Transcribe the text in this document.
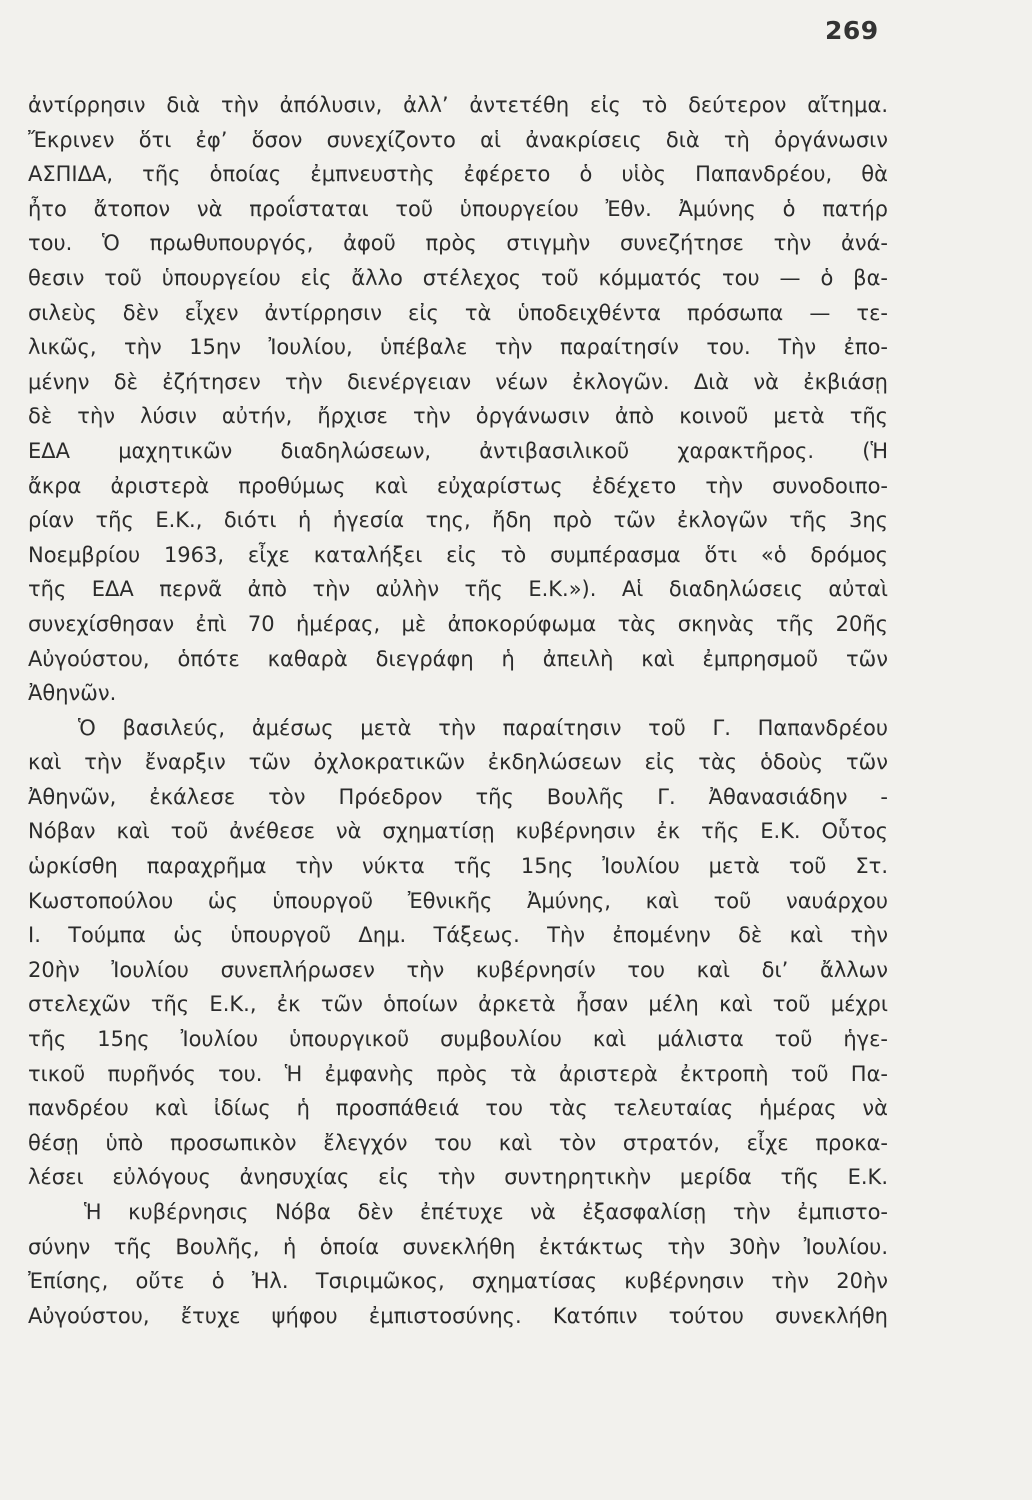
269
ἀντίρρησιν διὰ τὴν ἀπόλυσιν, ἀλλ’ ἀντετέθη εἰς τὸ δεύτερον αἴτημα.
Ἔκρινεν ὅτι ἐφ’ ὅσον συνεχίζοντο αἱ ἀνακρίσεις διὰ τὴ ὀργάνωσιν
ΑΣΠΙΔΑ, τῆς ὁποίας ἐμπνευστὴς ἐφέρετο ὁ υἱὸς Παπανδρέου, θὰ
ἦτο ἄτοπον νὰ προΐσταται τοῦ ὑπουργείου Ἐθν. Ἀμύνης ὁ πατήρ
του. Ὁ πρωθυπουργός, ἀφοῦ πρὸς στιγμὴν συνεζήτησε τὴν ἀνά-
θεσιν τοῦ ὑπουργείου εἰς ἄλλο στέλεχος τοῦ κόμματός του — ὁ βα-
σιλεὺς δὲν εἶχεν ἀντίρρησιν εἰς τὰ ὑποδειχθέντα πρόσωπα — τε-
λικῶς, τὴν 15ην Ἰουλίου, ὑπέβαλε τὴν παραίτησίν του. Τὴν ἐπο-
μένην δὲ ἐζήτησεν τὴν διενέργειαν νέων ἐκλογῶν. Διὰ νὰ ἐκβιάσῃ
δὲ τὴν λύσιν αὐτήν, ἤρχισε τὴν ὀργάνωσιν ἀπὸ κοινοῦ μετὰ τῆς
ΕΔΑ μαχητικῶν διαδηλώσεων, ἀντιβασιλικοῦ χαρακτῆρος. (Ἡ
ἄκρα ἀριστερὰ προθύμως καὶ εὐχαρίστως ἐδέχετο τὴν συνοδοιπο-
ρίαν τῆς Ε.Κ., διότι ἡ ἡγεσία της, ἤδη πρὸ τῶν ἐκλογῶν τῆς 3ης
Νοεμβρίου 1963, εἶχε καταλήξει εἰς τὸ συμπέρασμα ὅτι «ὁ δρόμος
τῆς ΕΔΑ περνᾶ ἀπὸ τὴν αὐλὴν τῆς Ε.Κ.»). Αἱ διαδηλώσεις αὐταὶ
συνεχίσθησαν ἐπὶ 70 ἡμέρας, μὲ ἀποκορύφωμα τὰς σκηνὰς τῆς 20ῆς
Αὐγούστου, ὁπότε καθαρὰ διεγράφη ἡ ἀπειλὴ καὶ ἐμπρησμοῦ τῶν
Ἀθηνῶν.
Ὁ βασιλεύς, ἀμέσως μετὰ τὴν παραίτησιν τοῦ Γ. Παπανδρέου
καὶ τὴν ἔναρξιν τῶν ὀχλοκρατικῶν ἐκδηλώσεων εἰς τὰς ὁδοὺς τῶν
Ἀθηνῶν, ἐκάλεσε τὸν Πρόεδρον τῆς Βουλῆς Γ. Ἀθανασιάδην -
Νόβαν καὶ τοῦ ἀνέθεσε νὰ σχηματίσῃ κυβέρνησιν ἐκ τῆς Ε.Κ. Οὗτος
ὡρκίσθη παραχρῆμα τὴν νύκτα τῆς 15ης Ἰουλίου μετὰ τοῦ Στ.
Κωστοπούλου ὡς ὑπουργοῦ Ἐθνικῆς Ἀμύνης, καὶ τοῦ ναυάρχου
Ι. Τούμπα ὡς ὑπουργοῦ Δημ. Τάξεως. Τὴν ἐπομένην δὲ καὶ τὴν
20ὴν Ἰουλίου συνεπλήρωσεν τὴν κυβέρνησίν του καὶ δι’ ἄλλων
στελεχῶν τῆς Ε.Κ., ἐκ τῶν ὁποίων ἀρκετὰ ἦσαν μέλη καὶ τοῦ μέχρι
τῆς 15ης Ἰουλίου ὑπουργικοῦ συμβουλίου καὶ μάλιστα τοῦ ἡγε-
τικοῦ πυρῆνός του. Ἡ ἐμφανὴς πρὸς τὰ ἀριστερὰ ἐκτροπὴ τοῦ Πα-
πανδρέου καὶ ἰδίως ἡ προσπάθειά του τὰς τελευταίας ἡμέρας νὰ
θέσῃ ὑπὸ προσωπικὸν ἔλεγχόν του καὶ τὸν στρατόν, εἶχε προκα-
λέσει εὐλόγους ἀνησυχίας εἰς τὴν συντηρητικὴν μερίδα τῆς Ε.Κ.
Ἡ κυβέρνησις Νόβα δὲν ἐπέτυχε νὰ ἐξασφαλίσῃ τὴν ἐμπιστο-
σύνην τῆς Βουλῆς, ἡ ὁποία συνεκλήθη ἐκτάκτως τὴν 30ὴν Ἰουλίου.
Ἐπίσης, οὔτε ὁ Ἠλ. Τσιριμῶκος, σχηματίσας κυβέρνησιν τὴν 20ὴν
Αὐγούστου, ἔτυχε ψήφου ἐμπιστοσύνης. Κατόπιν τούτου συνεκλήθη
